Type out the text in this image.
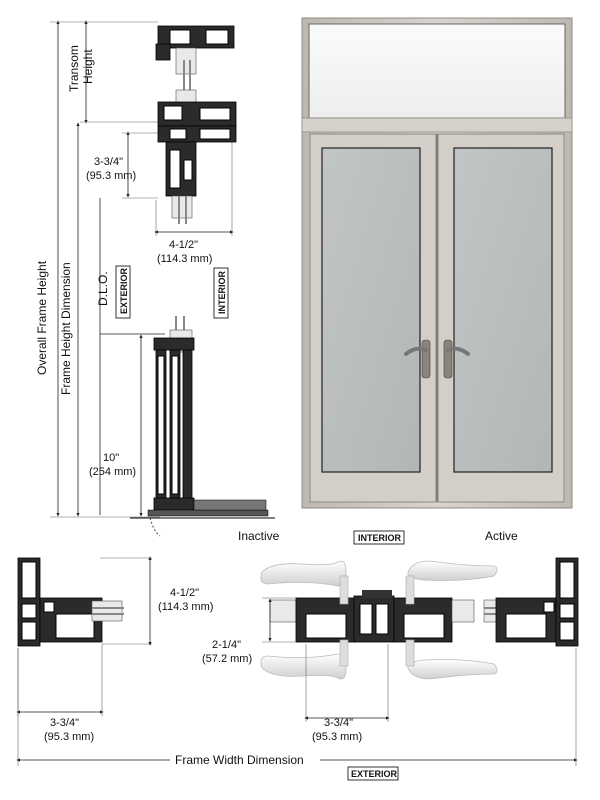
Overall Frame Height Frame Height Dimension
Transom Height
D.L.O.
3-3/4"
(95.3 mm)
4-1/2"
(114.3 mm)
10"
(254 mm)
EXTERIOR	INTERIOR
Inactive	INTERIOR	Active
4-1/2"
(114.3 mm)
3-3/4"
(95.3 mm)
2-1/4"
(57.2 mm)
3-3/4"
(95.3 mm)
Frame Width Dimension
EXTERIOR
